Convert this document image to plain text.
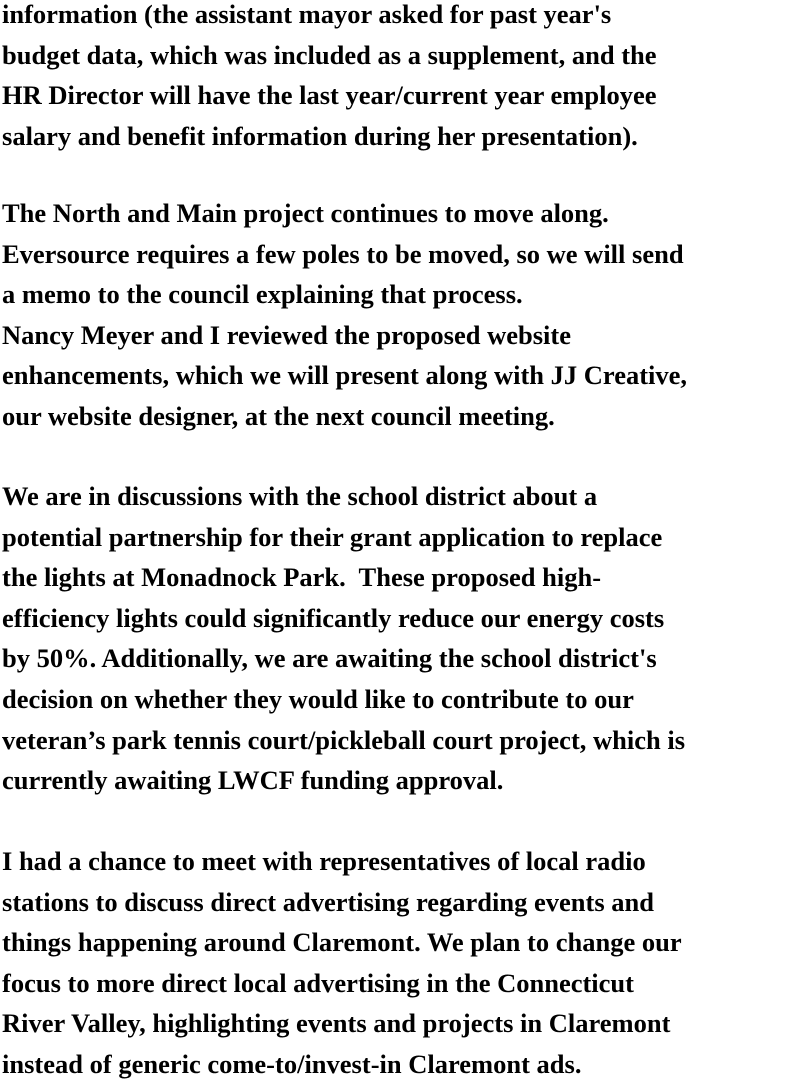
information (the assistant mayor asked for past year's
budget data, which was included as a supplement, and the
HR Director will have the last year/current year employee
salary and benefit information during her presentation).
The North and Main project continues to move along.
Eversource requires a few poles to be moved, so we will send
a memo to the council explaining that process.
Nancy Meyer and I reviewed the proposed website
enhancements, which we will present along with JJ Creative,
our website designer, at the next council meeting.
We are in discussions with the school district about a
potential partnership for their grant application to replace
the lights at Monadnock Park.  These proposed high-
efficiency lights could significantly reduce our energy costs
by 50%. Additionally, we are awaiting the school district's
decision on whether they would like to contribute to our
veteran’s park tennis court/pickleball court project, which is
currently awaiting LWCF funding approval.
I had a chance to meet with representatives of local radio
stations to discuss direct advertising regarding events and
things happening around Claremont. We plan to change our
focus to more direct local advertising in the Connecticut
River Valley, highlighting events and projects in Claremont
instead of generic come-to/invest-in Claremont ads.
